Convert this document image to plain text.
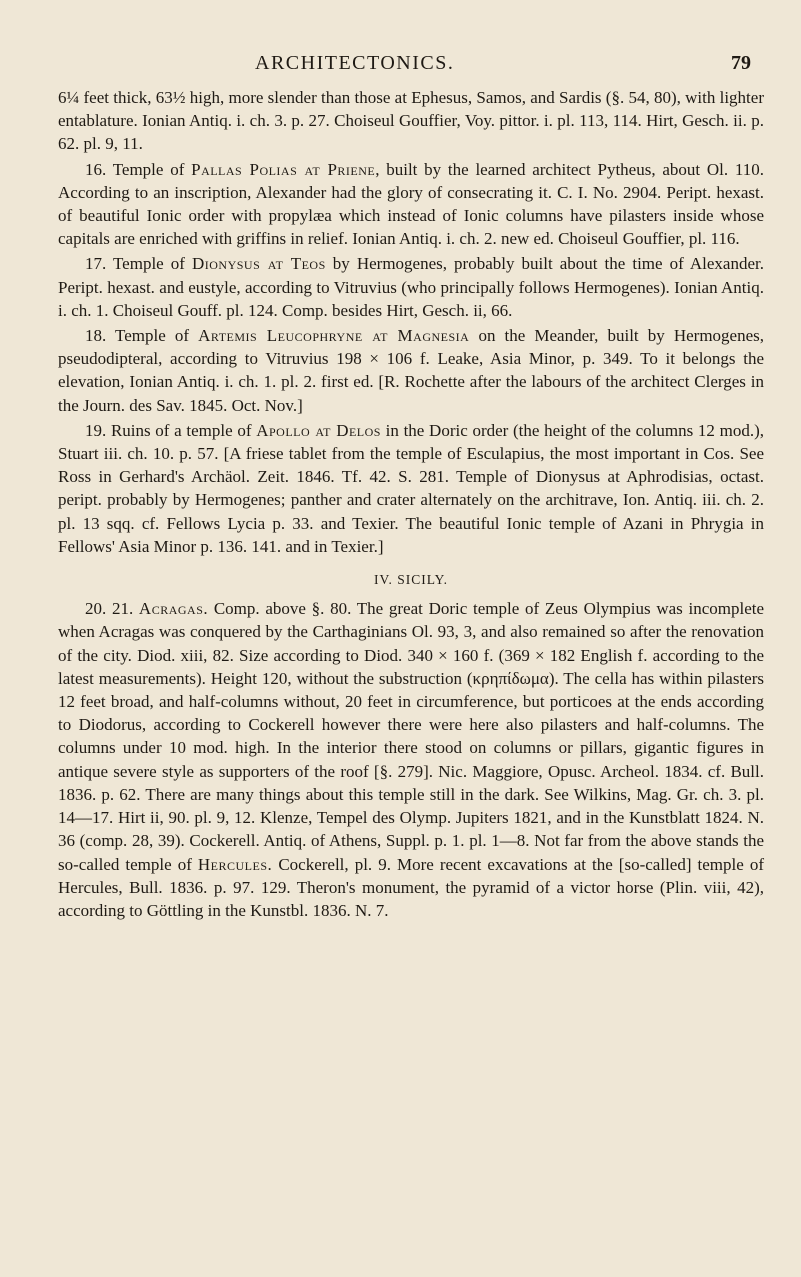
ARCHITECTONICS.	79

6¼ feet thick, 63½ high, more slender than those at Ephesus, Samos, and Sardis (§. 54, 80), with lighter entablature. Ionian Antiq. i. ch. 3. p. 27. Choiseul Gouffier, Voy. pittor. i. pl. 113, 114. Hirt, Gesch. ii. p. 62. pl. 9, 11.

16. Temple of Pallas Polias at Priene, built by the learned architect Pytheus, about Ol. 110. According to an inscription, Alexander had the glory of consecrating it. C. I. No. 2904. Peript. hexast. of beautiful Ionic order with propylæa which instead of Ionic columns have pilasters inside whose capitals are enriched with griffins in relief. Ionian Antiq. i. ch. 2. new ed. Choiseul Gouffier, pl. 116.

17. Temple of Dionysus at Teos by Hermogenes, probably built about the time of Alexander. Peript. hexast. and eustyle, according to Vitruvius (who principally follows Hermogenes). Ionian Antiq. i. ch. 1. Choiseul Gouff. pl. 124. Comp. besides Hirt, Gesch. ii, 66.

18. Temple of Artemis Leucophryne at Magnesia on the Meander, built by Hermogenes, pseudodipteral, according to Vitruvius 198 × 106 f. Leake, Asia Minor, p. 349. To it belongs the elevation, Ionian Antiq. i. ch. 1. pl. 2. first ed. [R. Rochette after the labours of the architect Clerges in the Journ. des Sav. 1845. Oct. Nov.]

19. Ruins of a temple of Apollo at Delos in the Doric order (the height of the columns 12 mod.), Stuart iii. ch. 10. p. 57. [A friese tablet from the temple of Esculapius, the most important in Cos. See Ross in Gerhard's Archäol. Zeit. 1846. Tf. 42. S. 281. Temple of Dionysus at Aphrodisias, octast. peript. probably by Hermogenes; panther and crater alternately on the architrave, Ion. Antiq. iii. ch. 2. pl. 13 sqq. cf. Fellows Lycia p. 33. and Texier. The beautiful Ionic temple of Azani in Phrygia in Fellows' Asia Minor p. 136. 141. and in Texier.]

IV. SICILY.

20. 21. Acragas. Comp. above §. 80. The great Doric temple of Zeus Olympius was incomplete when Acragas was conquered by the Carthaginians Ol. 93, 3, and also remained so after the renovation of the city. Diod. xiii, 82. Size according to Diod. 340 × 160 f. (369 × 182 English f. according to the latest measurements). Height 120, without the substruction (κρηπίδωμα). The cella has within pilasters 12 feet broad, and half-columns without, 20 feet in circumference, but porticoes at the ends according to Diodorus, according to Cockerell however there were here also pilasters and half-columns. The columns under 10 mod. high. In the interior there stood on columns or pillars, gigantic figures in antique severe style as supporters of the roof [§. 279]. Nic. Maggiore, Opusc. Archeol. 1834. cf. Bull. 1836. p. 62. There are many things about this temple still in the dark. See Wilkins, Mag. Gr. ch. 3. pl. 14—17. Hirt ii, 90. pl. 9, 12. Klenze, Tempel des Olymp. Jupiters 1821, and in the Kunstblatt 1824. N. 36 (comp. 28, 39). Cockerell. Antiq. of Athens, Suppl. p. 1. pl. 1—8. Not far from the above stands the so-called temple of Hercules. Cockerell, pl. 9. More recent excavations at the [so-called] temple of Hercules, Bull. 1836. p. 97. 129. Theron's monument, the pyramid of a victor horse (Plin. viii, 42), according to Göttling in the Kunstbl. 1836. N. 7.
